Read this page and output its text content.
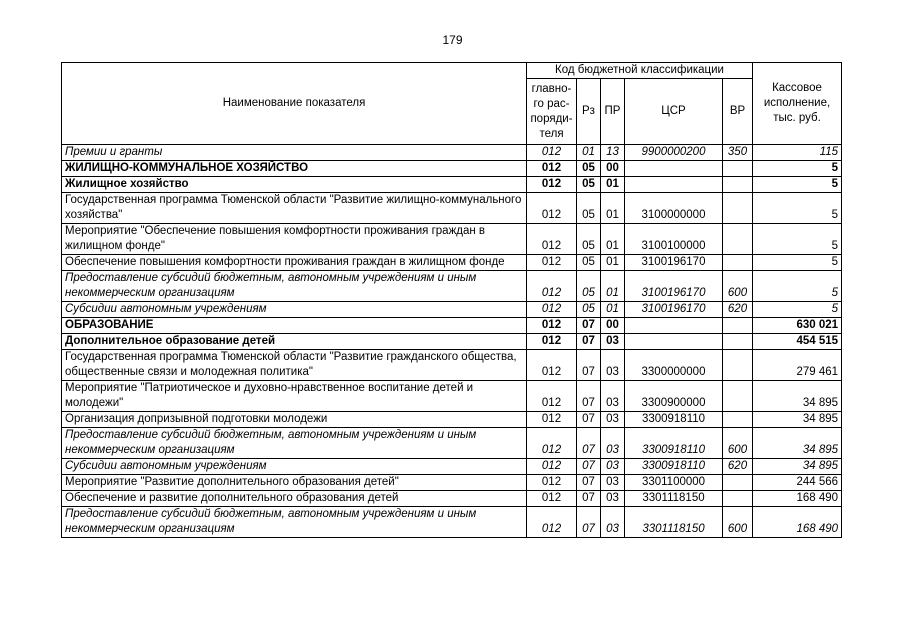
179
Наименование показателя	Код бюджетной классификации					Кассовое исполнение, тыс. руб.
	главно-го рас-поряди-теля	Рз	ПР	ЦСР	ВР	
Премии и гранты	012	01	13	9900000200	350	115
ЖИЛИЩНО-КОММУНАЛЬНОЕ ХОЗЯЙСТВО	012	05	00			5
Жилищное хозяйство	012	05	01			5
Государственная программа Тюменской области "Развитие жилищно-коммунального хозяйства"	012	05	01	3100000000		5
Мероприятие "Обеспечение повышения комфортности проживания граждан в жилищном фонде"	012	05	01	3100100000		5
Обеспечение повышения комфортности проживания граждан в жилищном фонде	012	05	01	3100196170		5
Предоставление субсидий бюджетным, автономным учреждениям и иным некоммерческим организациям	012	05	01	3100196170	600	5
Субсидии автономным учреждениям	012	05	01	3100196170	620	5
ОБРАЗОВАНИЕ	012	07	00			630 021
Дополнительное образование детей	012	07	03			454 515
Государственная программа Тюменской области "Развитие гражданского общества, общественные связи и молодежная политика"	012	07	03	3300000000		279 461
Мероприятие "Патриотическое и духовно-нравственное воспитание детей и молодежи"	012	07	03	3300900000		34 895
Организация допризывной подготовки молодежи	012	07	03	3300918110		34 895
Предоставление субсидий бюджетным, автономным учреждениям и иным некоммерческим организациям	012	07	03	3300918110	600	34 895
Субсидии автономным учреждениям	012	07	03	3300918110	620	34 895
Мероприятие "Развитие дополнительного образования детей"	012	07	03	3301100000		244 566
Обеспечение и развитие дополнительного образования детей	012	07	03	3301118150		168 490
Предоставление субсидий бюджетным, автономным учреждениям и иным некоммерческим организациям	012	07	03	3301118150	600	168 490
